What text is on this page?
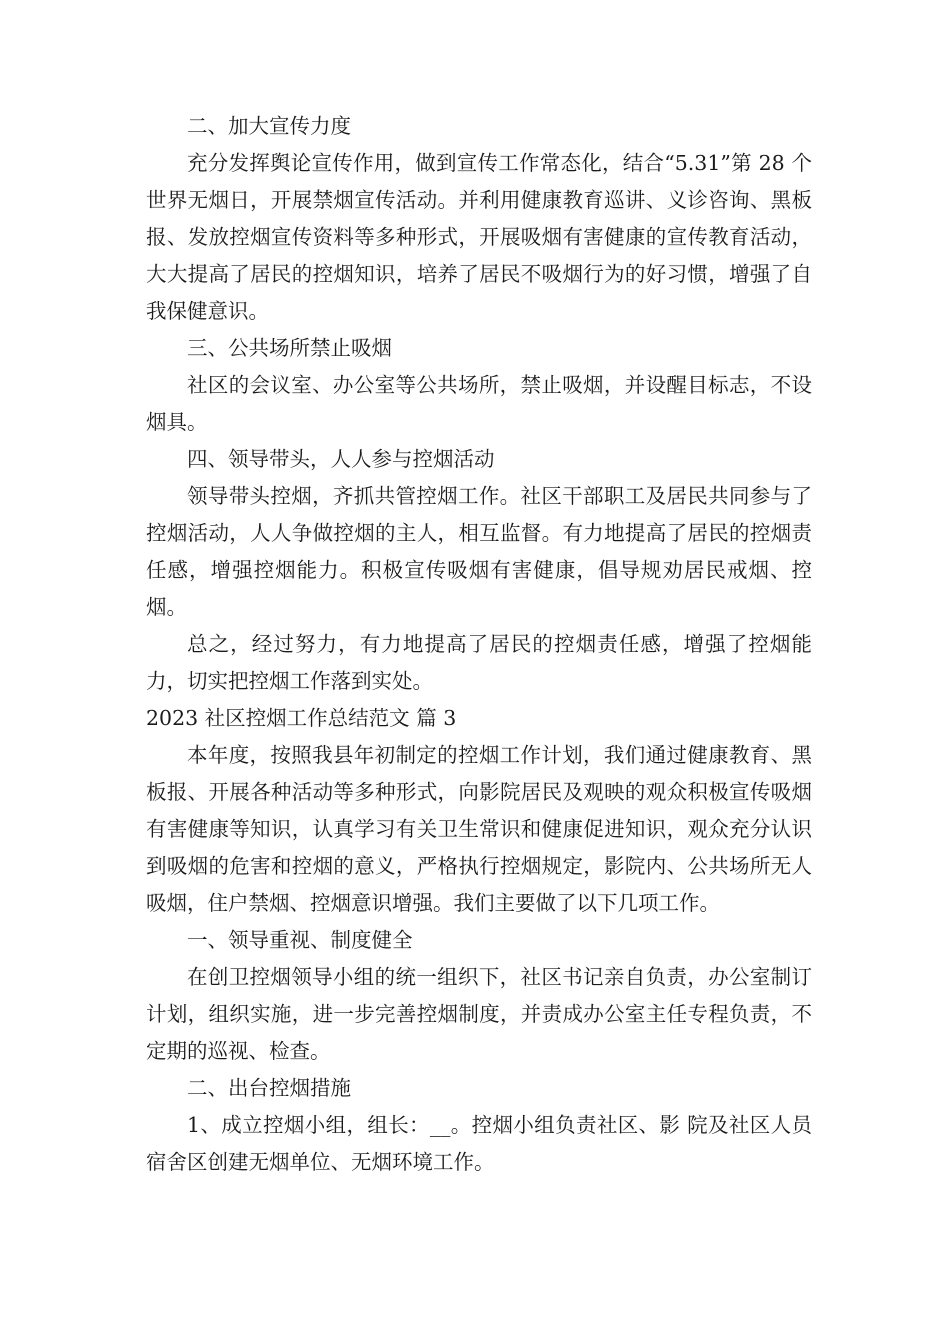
二、加大宣传力度

充分发挥舆论宣传作用，做到宣传工作常态化，结合“5.31”第 28 个世界无烟日，开展禁烟宣传活动。并利用健康教育巡讲、义诊咨询、黑板报、发放控烟宣传资料等多种形式，开展吸烟有害健康的宣传教育活动，大大提高了居民的控烟知识，培养了居民不吸烟行为的好习惯，增强了自我保健意识。

三、公共场所禁止吸烟

社区的会议室、办公室等公共场所，禁止吸烟，并设醒目标志，不设烟具。

四、领导带头，人人参与控烟活动

领导带头控烟，齐抓共管控烟工作。社区干部职工及居民共同参与了控烟活动，人人争做控烟的主人，相互监督。有力地提高了居民的控烟责任感，增强控烟能力。积极宣传吸烟有害健康，倡导规劝居民戒烟、控烟。

总之，经过努力，有力地提高了居民的控烟责任感，增强了控烟能力，切实把控烟工作落到实处。

2023 社区控烟工作总结范文 篇 3

本年度，按照我县年初制定的控烟工作计划，我们通过健康教育、黑板报、开展各种活动等多种形式，向影院居民及观映的观众积极宣传吸烟有害健康等知识，认真学习有关卫生常识和健康促进知识，观众充分认识到吸烟的危害和控烟的意义，严格执行控烟规定，影院内、公共场所无人吸烟，住户禁烟、控烟意识增强。我们主要做了以下几项工作。

一、领导重视、制度健全

在创卫控烟领导小组的统一组织下，社区书记亲自负责，办公室制订计划，组织实施，进一步完善控烟制度，并责成办公室主任专程负责，不定期的巡视、检查。

二、出台控烟措施

1、成立控烟小组，组长：__。控烟小组负责社区、影 院及社区人员宿舍区创建无烟单位、无烟环境工作。
